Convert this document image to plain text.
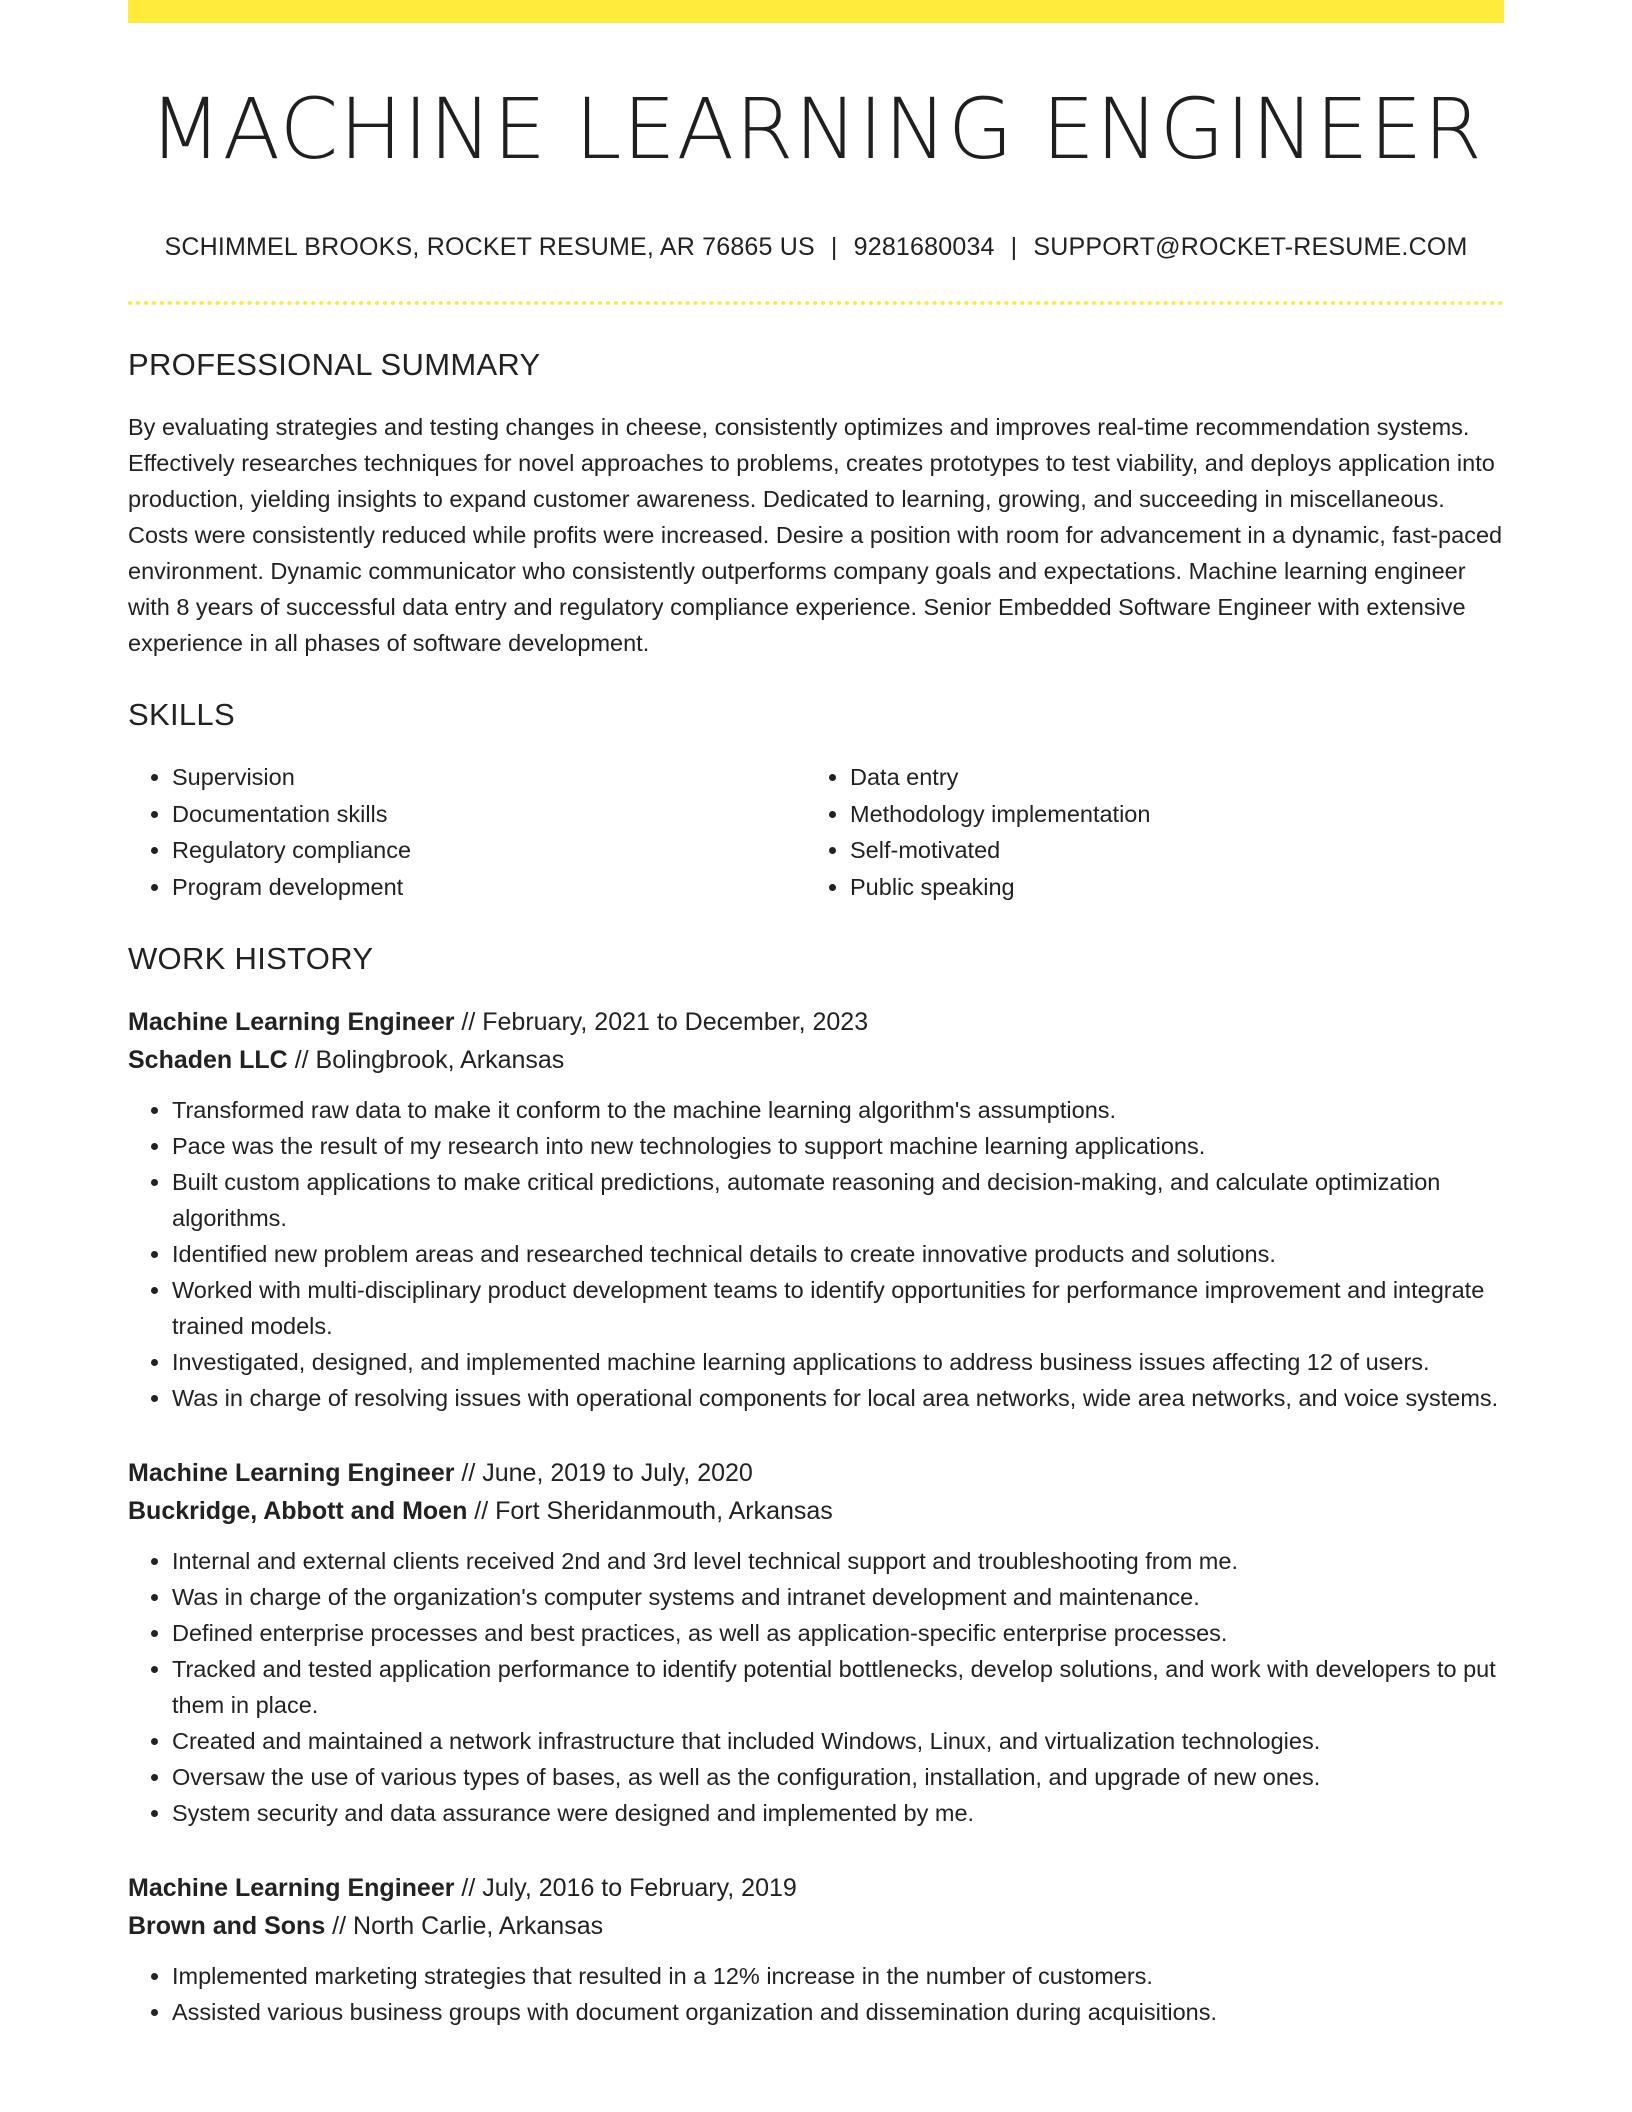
MACHINE LEARNING ENGINEER
SCHIMMEL BROOKS, ROCKET RESUME, AR 76865 US | 9281680034 | SUPPORT@ROCKET-RESUME.COM
PROFESSIONAL SUMMARY

By evaluating strategies and testing changes in cheese, consistently optimizes and improves real-time recommendation systems. Effectively researches techniques for novel approaches to problems, creates prototypes to test viability, and deploys application into production, yielding insights to expand customer awareness. Dedicated to learning, growing, and succeeding in miscellaneous. Costs were consistently reduced while profits were increased. Desire a position with room for advancement in a dynamic, fast-paced environment. Dynamic communicator who consistently outperforms company goals and expectations. Machine learning engineer with 8 years of successful data entry and regulatory compliance experience. Senior Embedded Software Engineer with extensive experience in all phases of software development.

SKILLS
• Supervision
• Documentation skills
• Regulatory compliance
• Program development
• Data entry
• Methodology implementation
• Self-motivated
• Public speaking
WORK HISTORY
Machine Learning Engineer // February, 2021 to December, 2023
Schaden LLC // Bolingbrook, Arkansas
• Transformed raw data to make it conform to the machine learning algorithm's assumptions.
• Pace was the result of my research into new technologies to support machine learning applications.
• Built custom applications to make critical predictions, automate reasoning and decision-making, and calculate optimization algorithms.
• Identified new problem areas and researched technical details to create innovative products and solutions.
• Worked with multi-disciplinary product development teams to identify opportunities for performance improvement and integrate trained models.
• Investigated, designed, and implemented machine learning applications to address business issues affecting 12 of users.
• Was in charge of resolving issues with operational components for local area networks, wide area networks, and voice systems.
Machine Learning Engineer // June, 2019 to July, 2020
Buckridge, Abbott and Moen // Fort Sheridanmouth, Arkansas
• Internal and external clients received 2nd and 3rd level technical support and troubleshooting from me.
• Was in charge of the organization's computer systems and intranet development and maintenance.
• Defined enterprise processes and best practices, as well as application-specific enterprise processes.
• Tracked and tested application performance to identify potential bottlenecks, develop solutions, and work with developers to put them in place.
• Created and maintained a network infrastructure that included Windows, Linux, and virtualization technologies.
• Oversaw the use of various types of bases, as well as the configuration, installation, and upgrade of new ones.
• System security and data assurance were designed and implemented by me.
Machine Learning Engineer // July, 2016 to February, 2019
Brown and Sons // North Carlie, Arkansas
• Implemented marketing strategies that resulted in a 12% increase in the number of customers.
• Assisted various business groups with document organization and dissemination during acquisitions.
